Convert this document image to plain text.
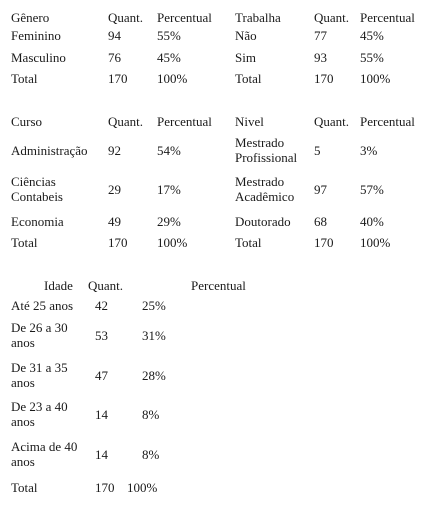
Gênero	Quant. Percentual
Feminino	94	55%
Masculino	76	45%
Total	170 100%
Trabalha	Quant. Percentual
Não	77	45%
Sim	93	55%
Total	170 100%
Curso	Quant. Percentual
Administração 92	54%
Ciências Contabeis	29	17%
Economia	49	29%
Total	170 100%
Nivel	Quant. Percentual
Mestrado Profissional	5	3%
Mestrado Acadêmico	97	57%
Doutorado 68	40%
Total	170 100%
Idade Quant.	Percentual
Até 25 anos 42	25%
De 26 a 30 anos	53	31%
De 31 a 35 anos	47	28%
De 23 a 40 anos	14	8%
Acima de 40 anos	14	8%
Total	170 100%
